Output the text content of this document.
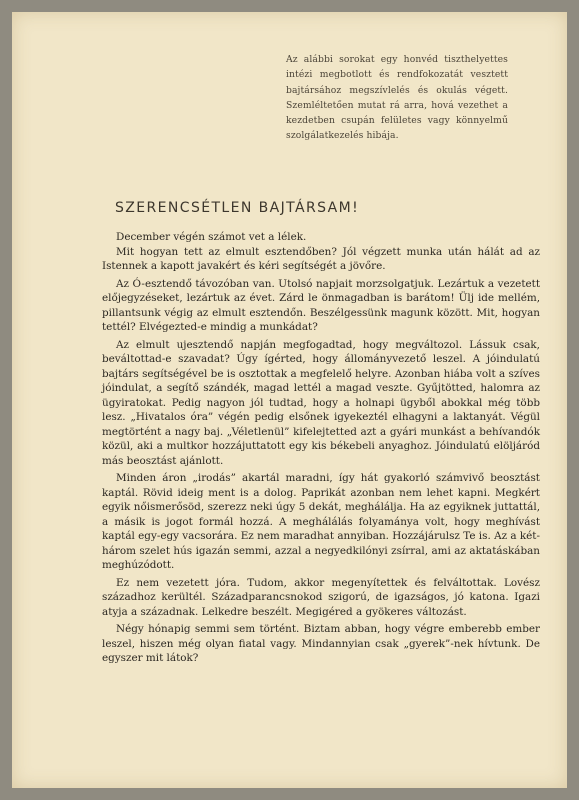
Az alábbi sorokat egy honvéd tiszthelyettes intézi megbotlott és rendfokozatát vesztett bajtársához megszívlelés és okulás végett. Szemléltetően mutat rá arra, hová vezethet a kezdetben csupán felületes vagy könnyelmű szolgálatkezelés hibája.
SZERENCSÉTLEN BAJTÁRSAM!

December végén számot vet a lélek.

Mit hogyan tett az elmult esztendőben? Jól végzett munka után hálát ad az Istennek a kapott javakért és kéri segítségét a jövőre.

Az Ó-esztendő távozóban van. Utolsó napjait morzsolgatjuk. Lezártuk a vezetett előjegyzéseket, lezártuk az évet. Zárd le önmagadban is barátom! Ülj ide mellém, pillantsunk végig az elmult esztendőn. Beszélgessünk magunk között. Mit, hogyan tettél? Elvégezted-e mindig a munkádat?

Az elmult ujesztendő napján megfogadtad, hogy megváltozol. Lássuk csak, beváltottad-e szavadat? Úgy ígérted, hogy állományvezető leszel. A jóindulatú bajtárs segítségével be is osztottak a megfelelő helyre. Azonban hiába volt a szíves jóindulat, a segítő szándék, magad lettél a magad veszte. Gyűjtötted, halomra az ügyiratokat. Pedig nagyon jól tudtad, hogy a holnapi ügyből abokkal még több lesz. „Hivatalos óra” végén pedig elsőnek igyekeztél elhagyni a laktanyát. Végül megtörtént a nagy baj. „Véletlenül” kifelejtetted azt a gyári munkást a behívandók közül, aki a multkor hozzájuttatott egy kis békebeli anyaghoz. Jóindulatú elöljáród más beosztást ajánlott.

Minden áron „irodás” akartál maradni, így hát gyakorló számvivő beosztást kaptál. Rövid ideig ment is a dolog. Paprikát azonban nem lehet kapni. Megkért egyik nőismerősöd, szerezz neki úgy 5 dekát, meghálálja. Ha az egyiknek juttattál, a másik is jogot formál hozzá. A meghálálás folyamánya volt, hogy meghívást kaptál egy-egy vacsorára. Ez nem maradhat annyiban. Hozzájárulsz Te is. Az a két-három szelet hús igazán semmi, azzal a negyedkilónyi zsírral, ami az aktatáskában meghúzódott.

Ez nem vezetett jóra. Tudom, akkor megenyítettek és felváltottak. Lovész századhoz kerültél. Századparancsnokod szigorú, de igazságos, jó katona. Igazi atyja a századnak. Lelkedre beszélt. Megigéred a gyökeres változást.

Négy hónapig semmi sem történt. Biztam abban, hogy végre emberebb ember leszel, hiszen még olyan fiatal vagy. Mindannyian csak „gyerek”-nek hívtunk. De egyszer mit látok?
